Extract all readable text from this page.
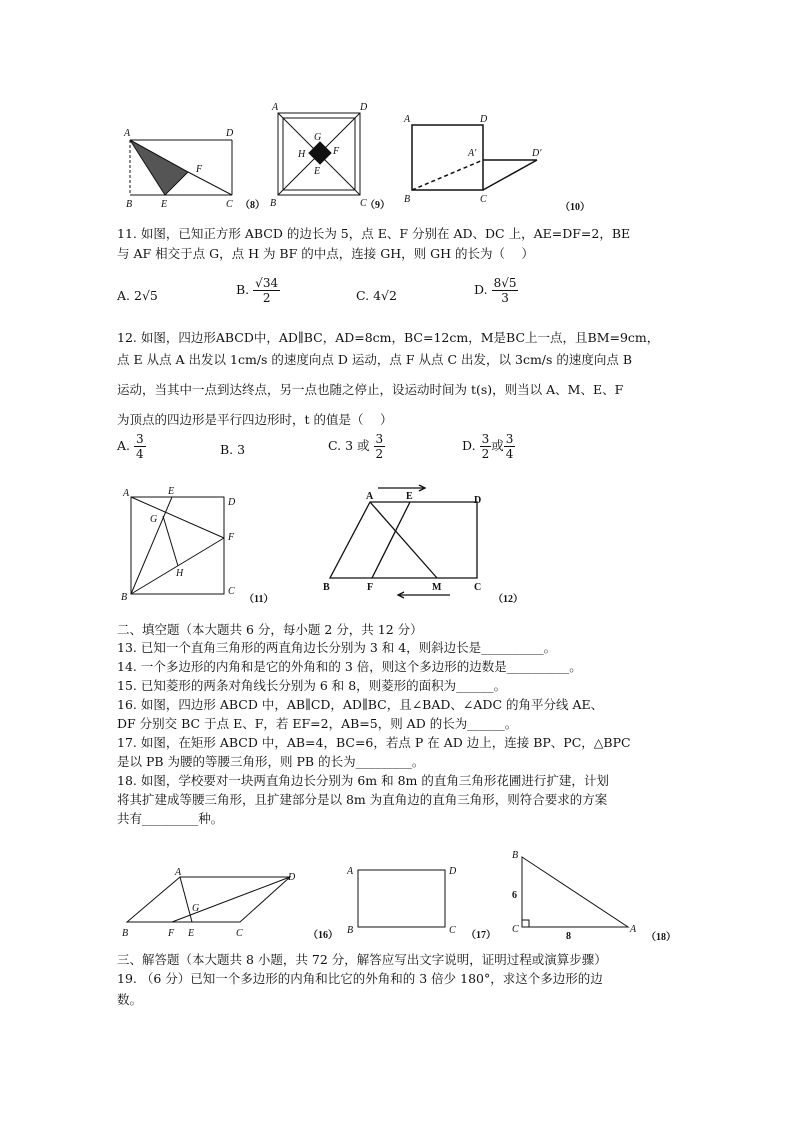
A	D
B	E	C
F
（8）
A	D
B	C
G
H	F
E
（9）
A	D
B	C
A'	D'
（10）
A	E
D
G
F
H
B
C
（11）
A	E	D
B	F	M	C
（12）
A	D
G
B	F E	C	（16）
A	D
B	C （17）
B
6
C
8
A
（18）
11. 如图，已知正方形 ABCD 的边长为 5，点 E、F 分别在 AD、DC 上，AE=DF=2，BE
与 AF 相交于点 G，点 H 为 BF 的中点，连接 GH，则 GH 的长为（　 ）
A. 2√5	B. $\frac{√34}{2}$	C. 4√2	D. $\frac{8√5}{3}$
12. 如图，四边形ABCD中，AD∥BC，AD=8cm，BC=12cm，M是BC上一点，且BM=9cm，
点 E 从点 A 出发以 1cm/s 的速度向点 D 运动，点 F 从点 C 出发，以 3cm/s 的速度向点 B
运动，当其中一点到达终点，另一点也随之停止，设运动时间为 t(s)，则当以 A、M、E、F
为顶点的四边形是平行四边形时，t 的值是（　 ）
A. $\frac{3}{4}$	B. 3	C. 3 或 $\frac{3}{2}$	D. $\frac{3}{2}$ 或 $\frac{3}{4}$
二、填空题（本大题共 6 分，每小题 2 分，共 12 分）
13. 已知一个直角三角形的两直角边长分别为 3 和 4，则斜边长是__________。
14. 一个多边形的内角和是它的外角和的 3 倍，则这个多边形的边数是__________。
15. 已知菱形的两条对角线长分别为 6 和 8，则菱形的面积为______。
16. 如图，四边形 ABCD 中，AB∥CD，AD∥BC，且∠BAD、∠ADC 的角平分线 AE、
DF 分别交 BC 于点 E、F，若 EF=2，AB=5，则 AD 的长为______。
17. 如图，在矩形 ABCD 中，AB=4，BC=6，若点 P 在 AD 边上，连接 BP、PC，△BPC
是以 PB 为腰的等腰三角形，则 PB 的长为_________。
18. 如图，学校要对一块两直角边长分别为 6m 和 8m 的直角三角形花圃进行扩建，计划
将其扩建成等腰三角形，且扩建部分是以 8m 为直角边的直角三角形，则符合要求的方案
共有_________种。
三、解答题（本大题共 8 小题，共 72 分，解答应写出文字说明，证明过程或演算步骤）
19. （6 分）已知一个多边形的内角和比它的外角和的 3 倍少 180°，求这个多边形的边
数。
